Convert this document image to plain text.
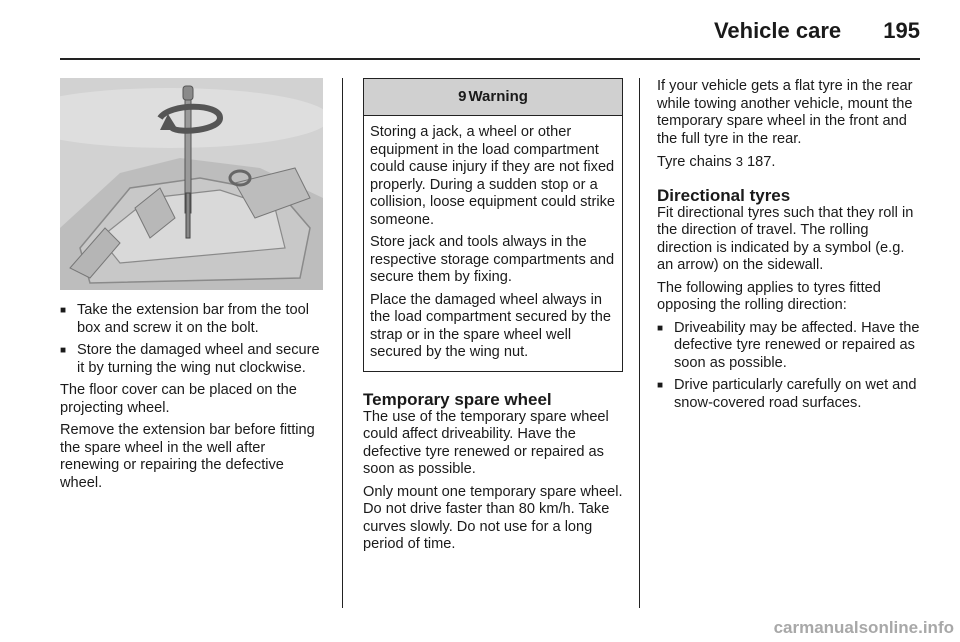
Vehicle care 195
■ Take the extension bar from the tool box and screw it on the bolt.
■ Store the damaged wheel and secure it by turning the wing nut clockwise.

The floor cover can be placed on the projecting wheel.

Remove the extension bar before fitting the spare wheel in the well after renewing or repairing the defective wheel.

9 Warning

Storing a jack, a wheel or other equipment in the load compartment could cause injury if they are not fixed properly. During a sudden stop or a collision, loose equipment could strike someone.

Store jack and tools always in the respective storage compartments and secure them by fixing.

Place the damaged wheel always in the load compartment secured by the strap or in the spare wheel well secured by the wing nut.

Temporary spare wheel

The use of the temporary spare wheel could affect driveability. Have the defective tyre renewed or repaired as soon as possible.

Only mount one temporary spare wheel. Do not drive faster than 80 km/h. Take curves slowly. Do not use for a long period of time.

If your vehicle gets a flat tyre in the rear while towing another vehicle, mount the temporary spare wheel in the front and the full tyre in the rear.

Tyre chains 3 187.

Directional tyres

Fit directional tyres such that they roll in the direction of travel. The rolling direction is indicated by a symbol (e.g. an arrow) on the sidewall.

The following applies to tyres fitted opposing the rolling direction:

■ Driveability may be affected. Have the defective tyre renewed or repaired as soon as possible.
■ Drive particularly carefully on wet and snow-covered road surfaces.
carmanualsonline.info
